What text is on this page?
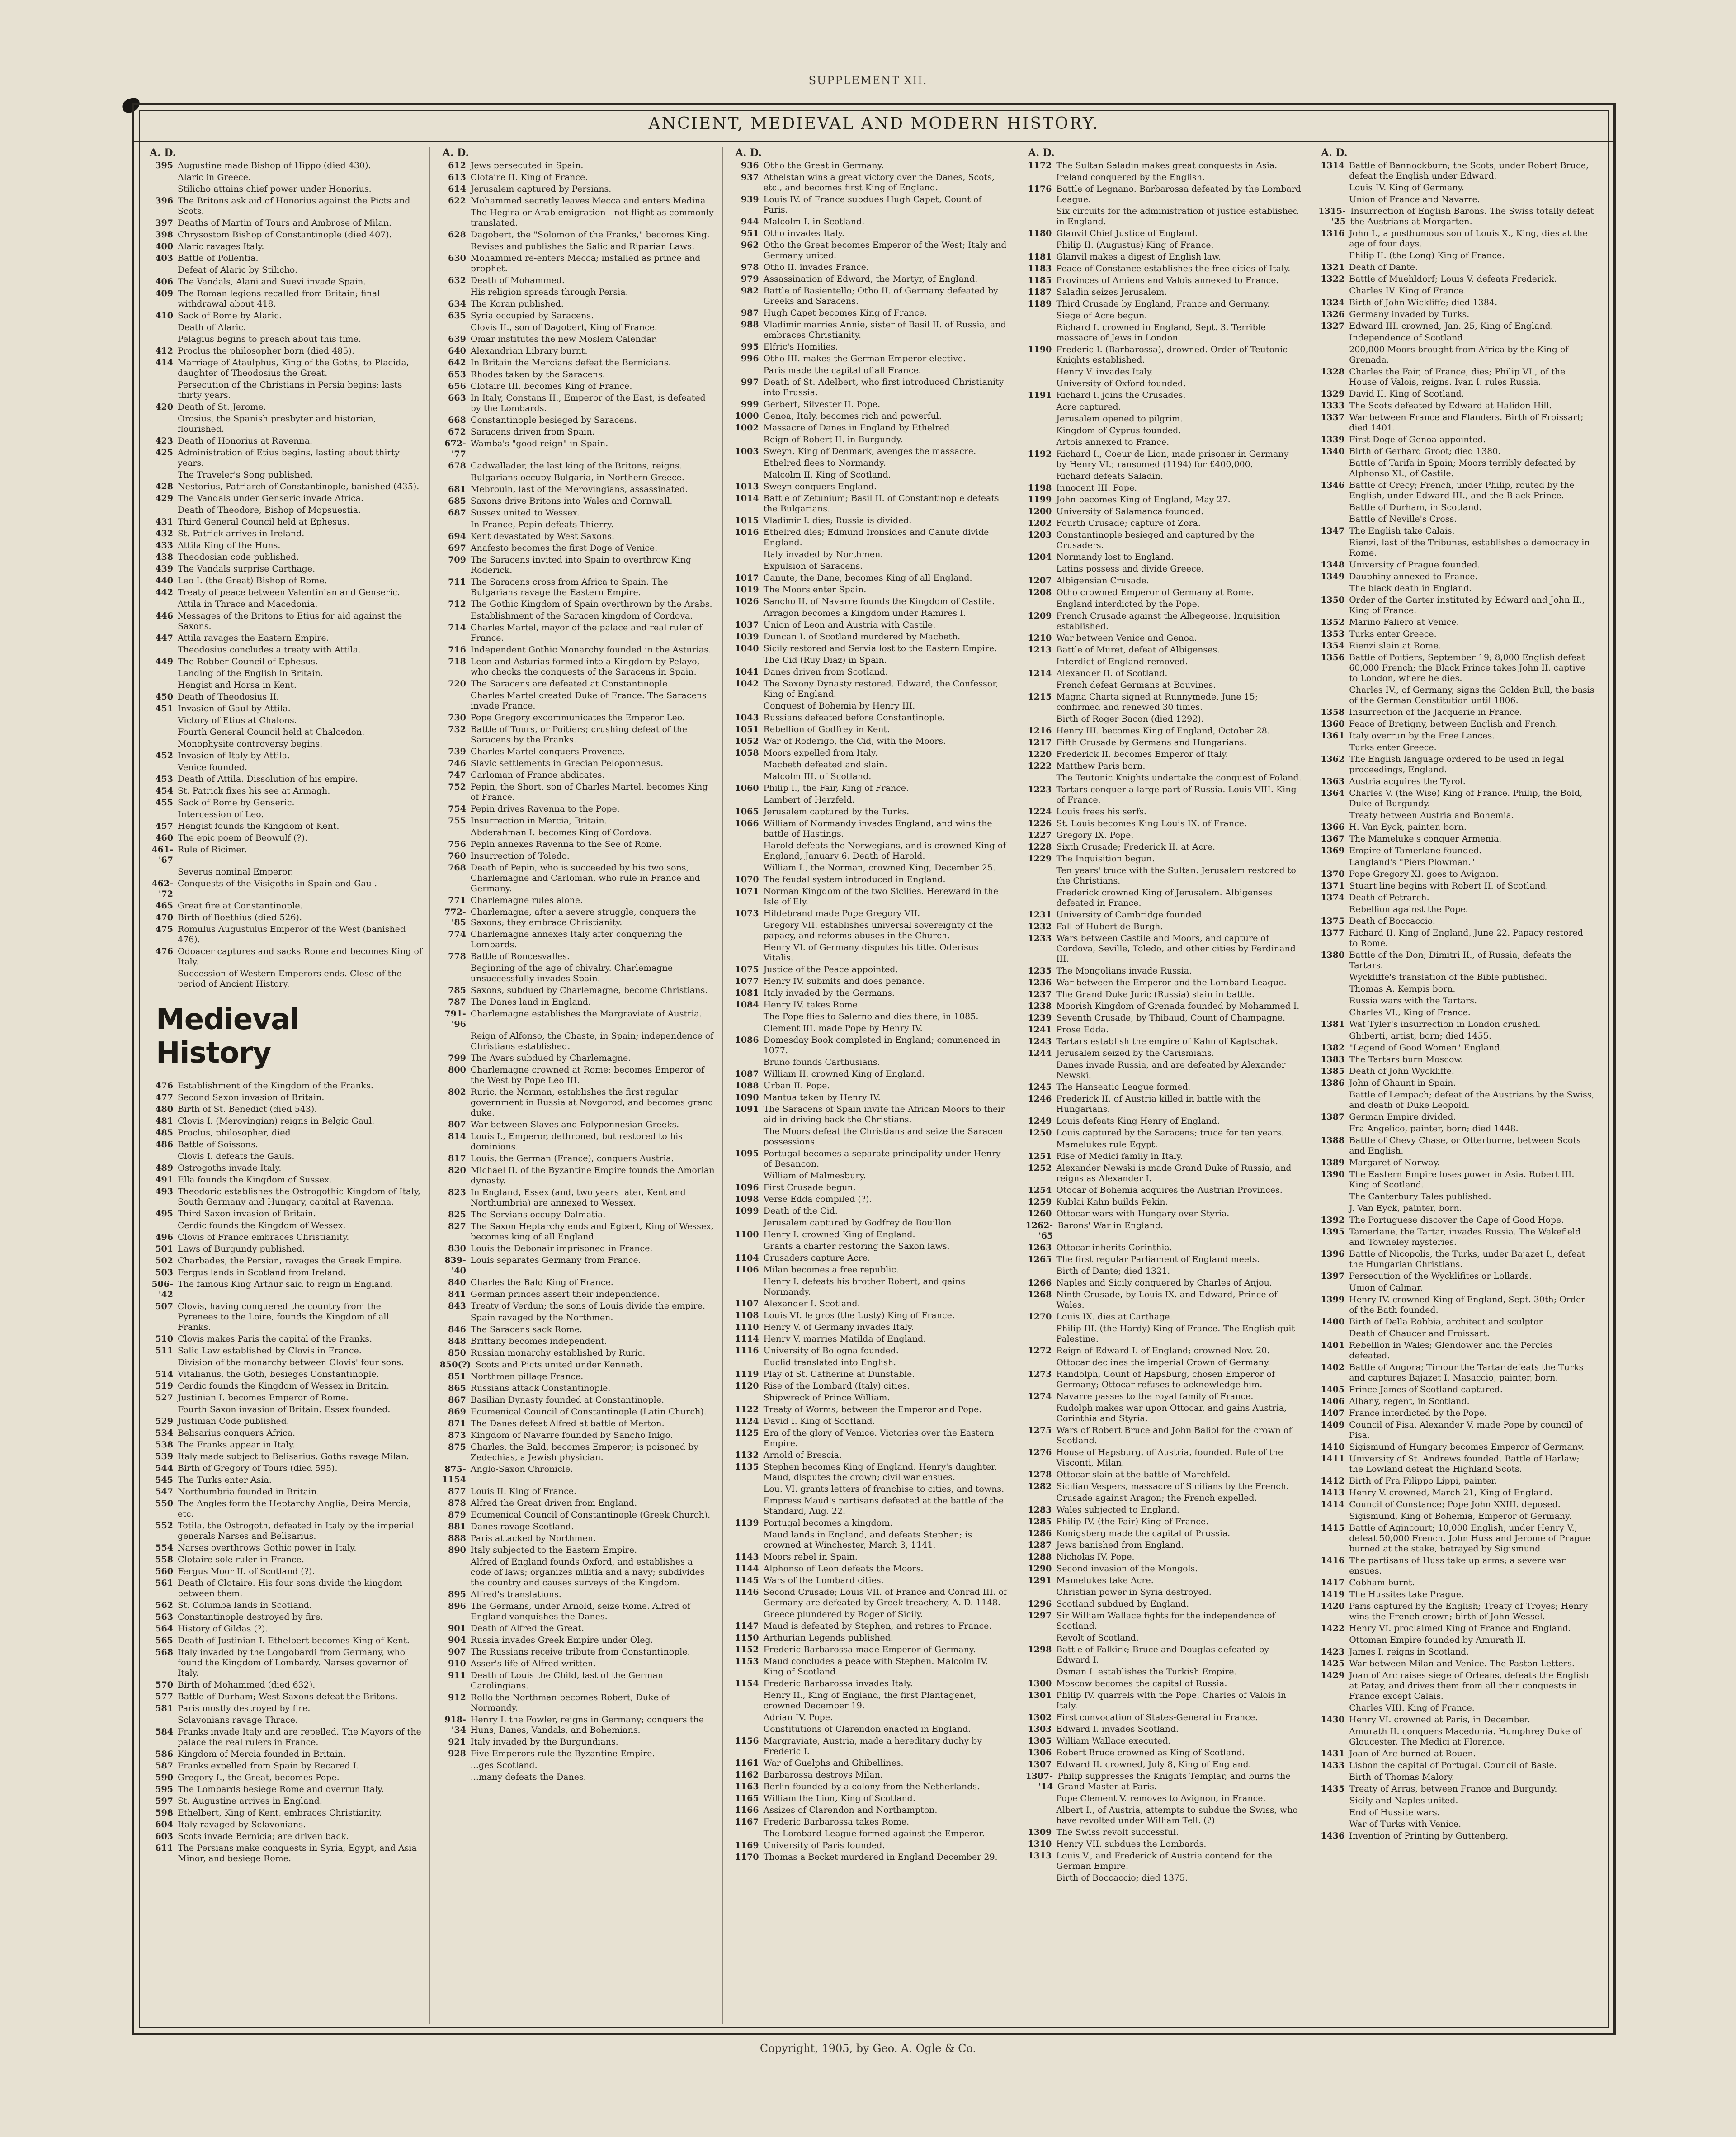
SUPPLEMENT XII.
ANCIENT, MEDIEVAL AND MODERN HISTORY.
A. D.
395 Augustine made Bishop of Hippo (died 430).
Alaric in Greece.
Stilicho attains chief power under Honorius.
396 The Britons ask aid of Honorius against the Picts and Scots.
397 Deaths of Martin of Tours and Ambrose of Milan.
398 Chrysostom Bishop of Constantinople (died 407).
400 Alaric ravages Italy.
403 Battle of Pollentia.
Defeat of Alaric by Stilicho.
406 The Vandals, Alani and Suevi invade Spain.
409 The Roman legions recalled from Britain; final withdrawal about 418.
410 Sack of Rome by Alaric.
Death of Alaric.
Pelagius begins to preach about this time.
412 Proclus the philosopher born (died 485).
414 Marriage of Ataulphus, King of the Goths, to Placida, daughter of Theodosius the Great.
Persecution of the Christians in Persia begins; lasts thirty years.
420 Death of St. Jerome.
Orosius, the Spanish presbyter and historian, flourished.
423 Death of Honorius at Ravenna.
425 Administration of Etius begins, lasting about thirty years.
The Traveler's Song published.
428 Nestorius, Patriarch of Constantinople, banished (435).
429 The Vandals under Genseric invade Africa.
Death of Theodore, Bishop of Mopsuestia.
431 Third General Council held at Ephesus.
432 St. Patrick arrives in Ireland.
433 Attila King of the Huns.
438 Theodosian code published.
439 The Vandals surprise Carthage.
440 Leo I. (the Great) Bishop of Rome.
442 Treaty of peace between Valentinian and Genseric.
Attila in Thrace and Macedonia.
446 Messages of the Britons to Etius for aid against the Saxons.
447 Attila ravages the Eastern Empire.
Theodosius concludes a treaty with Attila.
449 The Robber-Council of Ephesus.
Landing of the English in Britain.
Hengist and Horsa in Kent.
450 Death of Theodosius II.
451 Invasion of Gaul by Attila.
Victory of Etius at Chalons.
Fourth General Council held at Chalcedon.
Monophysite controversy begins.
452 Invasion of Italy by Attila.
Venice founded.
453 Death of Attila. Dissolution of his empire.
454 St. Patrick fixes his see at Armagh.
455 Sack of Rome by Genseric.
Intercession of Leo.
457 Hengist founds the Kingdom of Kent.
460 The epic poem of Beowulf (?).
461-'67
Rule of Ricimer.
Severus nominal Emperor.
462-'72
Conquests of the Visigoths in Spain and Gaul.
465 Great fire at Constantinople.
470 Birth of Boethius (died 526).
475 Romulus Augustulus Emperor of the West (banished 476).
476 Odoacer captures and sacks Rome and becomes King of Italy.
Succession of Western Emperors ends. Close of the period of Ancient History.
Medieval History
476 Establishment of the Kingdom of the Franks.
477 Second Saxon invasion of Britain.
480 Birth of St. Benedict (died 543).
481 Clovis I. (Merovingian) reigns in Belgic Gaul.
485 Proclus, philosopher, died.
486 Battle of Soissons.
Clovis I. defeats the Gauls.
489 Ostrogoths invade Italy.
491 Ella founds the Kingdom of Sussex.
493 Theodoric establishes the Ostrogothic Kingdom of Italy, South Germany and Hungary, capital at Ravenna.
495 Third Saxon invasion of Britain.
Cerdic founds the Kingdom of Wessex.
496 Clovis of France embraces Christianity.
501 Laws of Burgundy published.
502 Charbades, the Persian, ravages the Greek Empire.
503 Fergus lands in Scotland from Ireland.
506-'42
The famous King Arthur said to reign in England.
507 Clovis, having conquered the country from the Pyrenees to the Loire, founds the Kingdom of all Franks.
510 Clovis makes Paris the capital of the Franks.
511 Salic Law established by Clovis in France.
Division of the monarchy between Clovis' four sons.
514 Vitalianus, the Goth, besieges Constantinople.
519 Cerdic founds the Kingdom of Wessex in Britain.
527 Justinian I. becomes Emperor of Rome.
Fourth Saxon invasion of Britain. Essex founded.
529 Justinian Code published.
534 Belisarius conquers Africa.
538 The Franks appear in Italy.
539 Italy made subject to Belisarius. Goths ravage Milan.
544 Birth of Gregory of Tours (died 595).
545 The Turks enter Asia.
547 Northumbria founded in Britain.
550 The Angles form the Heptarchy Anglia, Deira Mercia, etc.
552 Totila, the Ostrogoth, defeated in Italy by the imperial generals Narses and Belisarius.
554 Narses overthrows Gothic power in Italy.
558 Clotaire sole ruler in France.
560 Fergus Moor II. of Scotland (?).
561 Death of Clotaire. His four sons divide the kingdom between them.
562 St. Columba lands in Scotland.
563 Constantinople destroyed by fire.
564 History of Gildas (?).
565 Death of Justinian I. Ethelbert becomes King of Kent.
568 Italy invaded by the Longobardi from Germany, who found the Kingdom of Lombardy. Narses governor of Italy.
570 Birth of Mohammed (died 632).
577 Battle of Durham; West-Saxons defeat the Britons.
581 Paris mostly destroyed by fire.
Sclavonians ravage Thrace.
584 Franks invade Italy and are repelled. The Mayors of the palace the real rulers in France.
586 Kingdom of Mercia founded in Britain.
587 Franks expelled from Spain by Recared I.
590 Gregory I., the Great, becomes Pope.
595 The Lombards besiege Rome and overrun Italy.
597 St. Augustine arrives in England.
598 Ethelbert, King of Kent, embraces Christianity.
604 Italy ravaged by Sclavonians.
603 Scots invade Bernicia; are driven back.
611 The Persians make conquests in Syria, Egypt, and Asia Minor, and besiege Rome.
A. D.
612 Jews persecuted in Spain.
613 Clotaire II. King of France.
614 Jerusalem captured by Persians.
622 Mohammed secretly leaves Mecca and enters Medina.
The Hegira or Arab emigration—not flight as commonly translated.
628 Dagobert, the "Solomon of the Franks," becomes King.
Revises and publishes the Salic and Riparian Laws.
630 Mohammed re-enters Mecca; installed as prince and prophet.
632 Death of Mohammed.
His religion spreads through Persia.
634 The Koran published.
635 Syria occupied by Saracens.
Clovis II., son of Dagobert, King of France.
639 Omar institutes the new Moslem Calendar.
640 Alexandrian Library burnt.
642 In Britain the Mercians defeat the Bernicians.
653 Rhodes taken by the Saracens.
656 Clotaire III. becomes King of France.
663 In Italy, Constans II., Emperor of the East, is defeated by the Lombards.
668 Constantinople besieged by Saracens.
672 Saracens driven from Spain.
672-'77
Wamba's "good reign" in Spain.
678 Cadwallader, the last king of the Britons, reigns.
Bulgarians occupy Bulgaria, in Northern Greece.
681 Mebrouin, last of the Merovingians, assassinated.
685 Saxons drive Britons into Wales and Cornwall.
687 Sussex united to Wessex.
In France, Pepin defeats Thierry.
694 Kent devastated by West Saxons.
697 Anafesto becomes the first Doge of Venice.
709 The Saracens invited into Spain to overthrow King Roderick.
711 The Saracens cross from Africa to Spain. The Bulgarians ravage the Eastern Empire.
712 The Gothic Kingdom of Spain overthrown by the Arabs.
Establishment of the Saracen kingdom of Cordova.
714 Charles Martel, mayor of the palace and real ruler of France.
716 Independent Gothic Monarchy founded in the Asturias.
718 Leon and Asturias formed into a Kingdom by Pelayo, who checks the conquests of the Saracens in Spain.
720 The Saracens are defeated at Constantinople.
Charles Martel created Duke of France. The Saracens invade France.
730 Pope Gregory excommunicates the Emperor Leo.
732 Battle of Tours, or Poitiers; crushing defeat of the Saracens by the Franks.
739 Charles Martel conquers Provence.
746 Slavic settlements in Grecian Peloponnesus.
747 Carloman of France abdicates.
752 Pepin, the Short, son of Charles Martel, becomes King of France.
754 Pepin drives Ravenna to the Pope.
755 Insurrection in Mercia, Britain.
Abderahman I. becomes King of Cordova.
756 Pepin annexes Ravenna to the See of Rome.
760 Insurrection of Toledo.
768 Death of Pepin, who is succeeded by his two sons, Charlemagne and Carloman, who rule in France and Germany.
771 Charlemagne rules alone.
772-'85
Charlemagne, after a severe struggle, conquers the Saxons; they embrace Christianity.
774 Charlemagne annexes Italy after conquering the Lombards.
778 Battle of Roncesvalles.
Beginning of the age of chivalry. Charlemagne unsuccessfully invades Spain.
785 Saxons, subdued by Charlemagne, become Christians.
787 The Danes land in England.
791-'96
Charlemagne establishes the Margraviate of Austria.
Reign of Alfonso, the Chaste, in Spain; independence of Christians established.
799 The Avars subdued by Charlemagne.
800 Charlemagne crowned at Rome; becomes Emperor of the West by Pope Leo III.
802 Ruric, the Norman, establishes the first regular government in Russia at Novgorod, and becomes grand duke.
807 War between Slaves and Polyponnesian Greeks.
814 Louis I., Emperor, dethroned, but restored to his dominions.
817 Louis, the German (France), conquers Austria.
820 Michael II. of the Byzantine Empire founds the Amorian dynasty.
823 In England, Essex (and, two years later, Kent and Northumbria) are annexed to Wessex.
825 The Servians occupy Dalmatia.
827 The Saxon Heptarchy ends and Egbert, King of Wessex, becomes king of all England.
830 Louis the Debonair imprisoned in France.
839-'40
Louis separates Germany from France.
840 Charles the Bald King of France.
841 German princes assert their independence.
843 Treaty of Verdun; the sons of Louis divide the empire.
Spain ravaged by the Northmen.
846 The Saracens sack Rome.
848 Brittany becomes independent.
850 Russian monarchy established by Ruric.
850(?) Scots and Picts united under Kenneth.
851 Northmen pillage France.
865 Russians attack Constantinople.
867 Basilian Dynasty founded at Constantinople.
869 Ecumenical Council of Constantinople (Latin Church).
871 The Danes defeat Alfred at battle of Merton.
873 Kingdom of Navarre founded by Sancho Inigo.
875 Charles, the Bald, becomes Emperor; is poisoned by Zedechias, a Jewish physician.
875-1154
Anglo-Saxon Chronicle.
877 Louis II. King of France.
878 Alfred the Great driven from England.
879 Ecumenical Council of Constantinople (Greek Church).
881 Danes ravage Scotland.
888 Paris attacked by Northmen.
890 Italy subjected to the Eastern Empire.
Alfred of England founds Oxford, and establishes a code of laws; organizes militia and a navy; subdivides the country and causes surveys of the Kingdom.
895 Alfred's translations.
896 The Germans, under Arnold, seize Rome. Alfred of England vanquishes the Danes.
901 Death of Alfred the Great.
904 Russia invades Greek Empire under Oleg.
907 The Russians receive tribute from Constantinople.
910 Asser's life of Alfred written.
911 Death of Louis the Child, last of the German Carolingians.
912 Rollo the Northman becomes Robert, Duke of Normandy.
918-'34
Henry I. the Fowler, reigns in Germany; conquers the Huns, Danes, Vandals, and Bohemians.
921 Italy invaded by the Burgundians.
928 Five Emperors rule the Byzantine Empire.
...ges Scotland.
...many defeats the Danes.
A. D.
936 Otho the Great in Germany.
937 Athelstan wins a great victory over the Danes, Scots, etc., and becomes first King of England.
939 Louis IV. of France subdues Hugh Capet, Count of Paris.
944 Malcolm I. in Scotland.
951 Otho invades Italy.
962 Otho the Great becomes Emperor of the West; Italy and Germany united.
978 Otho II. invades France.
979 Assassination of Edward, the Martyr, of England.
982 Battle of Basientello; Otho II. of Germany defeated by Greeks and Saracens.
987 Hugh Capet becomes King of France.
988 Vladimir marries Annie, sister of Basil II. of Russia, and embraces Christianity.
995 Elfric's Homilies.
996 Otho III. makes the German Emperor elective.
Paris made the capital of all France.
997 Death of St. Adelbert, who first introduced Christianity into Prussia.
999 Gerbert, Silvester II. Pope.
1000 Genoa, Italy, becomes rich and powerful.
1002 Massacre of Danes in England by Ethelred.
Reign of Robert II. in Burgundy.
1003 Sweyn, King of Denmark, avenges the massacre.
Ethelred flees to Normandy.
Malcolm II. King of Scotland.
1013 Sweyn conquers England.
1014 Battle of Zetunium; Basil II. of Constantinople defeats the Bulgarians.
1015 Vladimir I. dies; Russia is divided.
1016 Ethelred dies; Edmund Ironsides and Canute divide England.
Italy invaded by Northmen.
Expulsion of Saracens.
1017 Canute, the Dane, becomes King of all England.
1019 The Moors enter Spain.
1026 Sancho II. of Navarre founds the Kingdom of Castile.
Arragon becomes a Kingdom under Ramires I.
1037 Union of Leon and Austria with Castile.
1039 Duncan I. of Scotland murdered by Macbeth.
1040 Sicily restored and Servia lost to the Eastern Empire.
The Cid (Ruy Diaz) in Spain.
1041 Danes driven from Scotland.
1042 The Saxony Dynasty restored. Edward, the Confessor, King of England.
Conquest of Bohemia by Henry III.
1043 Russians defeated before Constantinople.
1051 Rebellion of Godfrey in Kent.
1052 War of Roderigo, the Cid, with the Moors.
1058 Moors expelled from Italy.
Macbeth defeated and slain.
Malcolm III. of Scotland.
1060 Philip I., the Fair, King of France.
Lambert of Herzfeld.
1065 Jerusalem captured by the Turks.
1066 William of Normandy invades England, and wins the battle of Hastings.
Harold defeats the Norwegians, and is crowned King of England, January 6. Death of Harold.
William I., the Norman, crowned King, December 25.
1070 The feudal system introduced in England.
1071 Norman Kingdom of the two Sicilies. Hereward in the Isle of Ely.
1073 Hildebrand made Pope Gregory VII.
Gregory VII. establishes universal sovereignty of the papacy, and reforms abuses in the Church.
Henry VI. of Germany disputes his title. Oderisus Vitalis.
1075 Justice of the Peace appointed.
1077 Henry IV. submits and does penance.
1081 Italy invaded by the Germans.
1084 Henry IV. takes Rome.
The Pope flies to Salerno and dies there, in 1085.
Clement III. made Pope by Henry IV.
1086 Domesday Book completed in England; commenced in 1077.
Bruno founds Carthusians.
1087 William II. crowned King of England.
1088 Urban II. Pope.
1090 Mantua taken by Henry IV.
1091 The Saracens of Spain invite the African Moors to their aid in driving back the Christians.
The Moors defeat the Christians and seize the Saracen possessions.
1095 Portugal becomes a separate principality under Henry of Besancon.
William of Malmesbury.
1096 First Crusade begun.
1098 Verse Edda compiled (?).
1099 Death of the Cid.
Jerusalem captured by Godfrey de Bouillon.
1100 Henry I. crowned King of England.
Grants a charter restoring the Saxon laws.
1104 Crusaders capture Acre.
1106 Milan becomes a free republic.
Henry I. defeats his brother Robert, and gains Normandy.
1107 Alexander I. Scotland.
1108 Louis VI. le gros (the Lusty) King of France.
1110 Henry V. of Germany invades Italy.
1114 Henry V. marries Matilda of England.
1116 University of Bologna founded.
Euclid translated into English.
1119 Play of St. Catherine at Dunstable.
1120 Rise of the Lombard (Italy) cities.
Shipwreck of Prince William.
1122 Treaty of Worms, between the Emperor and Pope.
1124 David I. King of Scotland.
1125 Era of the glory of Venice. Victories over the Eastern Empire.
1132 Arnold of Brescia.
1135 Stephen becomes King of England. Henry's daughter, Maud, disputes the crown; civil war ensues.
Lou. VI. grants letters of franchise to cities, and towns.
Empress Maud's partisans defeated at the battle of the Standard, Aug. 22.
1139 Portugal becomes a kingdom.
Maud lands in England, and defeats Stephen; is crowned at Winchester, March 3, 1141.
1143 Moors rebel in Spain.
1144 Alphonso of Leon defeats the Moors.
1145 Wars of the Lombard cities.
1146 Second Crusade; Louis VII. of France and Conrad III. of Germany are defeated by Greek treachery, A. D. 1148.
Greece plundered by Roger of Sicily.
1147 Maud is defeated by Stephen, and retires to France.
1150 Arthurian Legends published.
1152 Frederic Barbarossa made Emperor of Germany.
1153 Maud concludes a peace with Stephen. Malcolm IV. King of Scotland.
1154 Frederic Barbarossa invades Italy.
Henry II., King of England, the first Plantagenet, crowned December 19.
Adrian IV. Pope.
Constitutions of Clarendon enacted in England.
1156 Margraviate, Austria, made a hereditary duchy by Frederic I.
1161 War of Guelphs and Ghibellines.
1162 Barbarossa destroys Milan.
1163 Berlin founded by a colony from the Netherlands.
1165 William the Lion, King of Scotland.
1166 Assizes of Clarendon and Northampton.
1167 Frederic Barbarossa takes Rome.
The Lombard League formed against the Emperor.
1169 University of Paris founded.
1170 Thomas a Becket murdered in England December 29.
A. D.
1172 The Sultan Saladin makes great conquests in Asia.
Ireland conquered by the English.
1176 Battle of Legnano. Barbarossa defeated by the Lombard League.
Six circuits for the administration of justice established in England.
1180 Glanvil Chief Justice of England.
Philip II. (Augustus) King of France.
1181 Glanvil makes a digest of English law.
1183 Peace of Constance establishes the free cities of Italy.
1185 Provinces of Amiens and Valois annexed to France.
1187 Saladin seizes Jerusalem.
1189 Third Crusade by England, France and Germany.
Siege of Acre begun.
Richard I. crowned in England, Sept. 3. Terrible massacre of Jews in London.
1190 Frederic I. (Barbarossa), drowned. Order of Teutonic Knights established.
Henry V. invades Italy.
University of Oxford founded.
1191 Richard I. joins the Crusades.
Acre captured.
Jerusalem opened to pilgrim.
Kingdom of Cyprus founded.
Artois annexed to France.
1192 Richard I., Coeur de Lion, made prisoner in Germany by Henry VI.; ransomed (1194) for £400,000.
Richard defeats Saladin.
1198 Innocent III. Pope.
1199 John becomes King of England, May 27.
1200 University of Salamanca founded.
1202 Fourth Crusade; capture of Zora.
1203 Constantinople besieged and captured by the Crusaders.
1204 Normandy lost to England.
Latins possess and divide Greece.
1207 Albigensian Crusade.
1208 Otho crowned Emperor of Germany at Rome.
England interdicted by the Pope.
1209 French Crusade against the Albegeoise. Inquisition established.
1210 War between Venice and Genoa.
1213 Battle of Muret, defeat of Albigenses.
Interdict of England removed.
1214 Alexander II. of Scotland.
French defeat Germans at Bouvines.
1215 Magna Charta signed at Runnymede, June 15; confirmed and renewed 30 times.
Birth of Roger Bacon (died 1292).
1216 Henry III. becomes King of England, October 28.
1217 Fifth Crusade by Germans and Hungarians.
1220 Frederick II. becomes Emperor of Italy.
1222 Matthew Paris born.
The Teutonic Knights undertake the conquest of Poland.
1223 Tartars conquer a large part of Russia. Louis VIII. King of France.
1224 Louis frees his serfs.
1226 St. Louis becomes King Louis IX. of France.
1227 Gregory IX. Pope.
1228 Sixth Crusade; Frederick II. at Acre.
1229 The Inquisition begun.
Ten years' truce with the Sultan. Jerusalem restored to the Christians.
Frederick crowned King of Jerusalem. Albigenses defeated in France.
1231 University of Cambridge founded.
1232 Fall of Hubert de Burgh.
1233 Wars between Castile and Moors, and capture of Cordova, Seville, Toledo, and other cities by Ferdinand III.
1235 The Mongolians invade Russia.
1236 War between the Emperor and the Lombard League.
1237 The Grand Duke Juric (Russia) slain in battle.
1238 Moorish Kingdom of Grenada founded by Mohammed I.
1239 Seventh Crusade, by Thibaud, Count of Champagne.
1241 Prose Edda.
1243 Tartars establish the empire of Kahn of Kaptschak.
1244 Jerusalem seized by the Carismians.
Danes invade Russia, and are defeated by Alexander Newski.
1245 The Hanseatic League formed.
1246 Frederick II. of Austria killed in battle with the Hungarians.
1249 Louis defeats King Henry of England.
1250 Louis captured by the Saracens; truce for ten years.
Mamelukes rule Egypt.
1251 Rise of Medici family in Italy.
1252 Alexander Newski is made Grand Duke of Russia, and reigns as Alexander I.
1254 Otocar of Bohemia acquires the Austrian Provinces.
1259 Kublai Kahn builds Pekin.
1260 Ottocar wars with Hungary over Styria.
1262-'65
Barons' War in England.
1263 Ottocar inherits Corinthia.
1265 The first regular Parliament of England meets.
Birth of Dante; died 1321.
1266 Naples and Sicily conquered by Charles of Anjou.
1268 Ninth Crusade, by Louis IX. and Edward, Prince of Wales.
1270 Louis IX. dies at Carthage.
Philip III. (the Hardy) King of France. The English quit Palestine.
1272 Reign of Edward I. of England; crowned Nov. 20.
Ottocar declines the imperial Crown of Germany.
1273 Randolph, Count of Hapsburg, chosen Emperor of Germany; Ottocar refuses to acknowledge him.
1274 Navarre passes to the royal family of France.
Rudolph makes war upon Ottocar, and gains Austria, Corinthia and Styria.
1275 Wars of Robert Bruce and John Baliol for the crown of Scotland.
1276 House of Hapsburg, of Austria, founded. Rule of the Visconti, Milan.
1278 Ottocar slain at the battle of Marchfeld.
1282 Sicilian Vespers, massacre of Sicilians by the French.
Crusade against Aragon; the French expelled.
1283 Wales subjected to England.
1285 Philip IV. (the Fair) King of France.
1286 Konigsberg made the capital of Prussia.
1287 Jews banished from England.
1288 Nicholas IV. Pope.
1290 Second invasion of the Mongols.
1291 Mamelukes take Acre.
Christian power in Syria destroyed.
1296 Scotland subdued by England.
1297 Sir William Wallace fights for the independence of Scotland.
Revolt of Scotland.
1298 Battle of Falkirk; Bruce and Douglas defeated by Edward I.
Osman I. establishes the Turkish Empire.
1300 Moscow becomes the capital of Russia.
1301 Philip IV. quarrels with the Pope. Charles of Valois in Italy.
1302 First convocation of States-General in France.
1303 Edward I. invades Scotland.
1305 William Wallace executed.
1306 Robert Bruce crowned as King of Scotland.
1307 Edward II. crowned, July 8, King of England.
1307-'14
Philip suppresses the Knights Templar, and burns the Grand Master at Paris.
Pope Clement V. removes to Avignon, in France.
Albert I., of Austria, attempts to subdue the Swiss, who have revolted under William Tell. (?)
1309 The Swiss revolt successful.
1310 Henry VII. subdues the Lombards.
1313 Louis V., and Frederick of Austria contend for the German Empire.
Birth of Boccaccio; died 1375.
A. D.
1314 Battle of Bannockburn; the Scots, under Robert Bruce, defeat the English under Edward.
Louis IV. King of Germany.
Union of France and Navarre.
1315-'25
Insurrection of English Barons. The Swiss totally defeat the Austrians at Morgarten.
1316 John I., a posthumous son of Louis X., King, dies at the age of four days.
Philip II. (the Long) King of France.
1321 Death of Dante.
1322 Battle of Muehldorf; Louis V. defeats Frederick.
Charles IV. King of France.
1324 Birth of John Wickliffe; died 1384.
1326 Germany invaded by Turks.
1327 Edward III. crowned, Jan. 25, King of England.
Independence of Scotland.
200,000 Moors brought from Africa by the King of Grenada.
1328 Charles the Fair, of France, dies; Philip VI., of the House of Valois, reigns. Ivan I. rules Russia.
1329 David II. King of Scotland.
1333 The Scots defeated by Edward at Halidon Hill.
1337 War between France and Flanders. Birth of Froissart; died 1401.
1339 First Doge of Genoa appointed.
1340 Birth of Gerhard Groot; died 1380.
Battle of Tarifa in Spain; Moors terribly defeated by Alphonso XI., of Castile.
1346 Battle of Crecy; French, under Philip, routed by the English, under Edward III., and the Black Prince.
Battle of Durham, in Scotland.
Battle of Neville's Cross.
1347 The English take Calais.
Rienzi, last of the Tribunes, establishes a democracy in Rome.
1348 University of Prague founded.
1349 Dauphiny annexed to France.
The black death in England.
1350 Order of the Garter instituted by Edward and John II., King of France.
1352 Marino Faliero at Venice.
1353 Turks enter Greece.
1354 Rienzi slain at Rome.
1356 Battle of Poitiers, September 19; 8,000 English defeat 60,000 French; the Black Prince takes John II. captive to London, where he dies.
Charles IV., of Germany, signs the Golden Bull, the basis of the German Constitution until 1806.
1358 Insurrection of the Jacquerie in France.
1360 Peace of Bretigny, between English and French.
1361 Italy overrun by the Free Lances.
Turks enter Greece.
1362 The English language ordered to be used in legal proceedings, England.
1363 Austria acquires the Tyrol.
1364 Charles V. (the Wise) King of France. Philip, the Bold, Duke of Burgundy.
Treaty between Austria and Bohemia.
1366 H. Van Eyck, painter, born.
1367 The Mameluke's conquer Armenia.
1369 Empire of Tamerlane founded.
Langland's "Piers Plowman."
1370 Pope Gregory XI. goes to Avignon.
1371 Stuart line begins with Robert II. of Scotland.
1374 Death of Petrarch.
Rebellion against the Pope.
1375 Death of Boccaccio.
1377 Richard II. King of England, June 22. Papacy restored to Rome.
1380 Battle of the Don; Dimitri II., of Russia, defeats the Tartars.
Wyckliffe's translation of the Bible published.
Thomas A. Kempis born.
Russia wars with the Tartars.
Charles VI., King of France.
1381 Wat Tyler's insurrection in London crushed.
Ghiberti, artist, born; died 1455.
1382 "Legend of Good Women" England.
1383 The Tartars burn Moscow.
1385 Death of John Wyckliffe.
1386 John of Ghaunt in Spain.
Battle of Lempach; defeat of the Austrians by the Swiss, and death of Duke Leopold.
1387 German Empire divided.
Fra Angelico, painter, born; died 1448.
1388 Battle of Chevy Chase, or Otterburne, between Scots and English.
1389 Margaret of Norway.
1390 The Eastern Empire loses power in Asia. Robert III. King of Scotland.
The Canterbury Tales published.
J. Van Eyck, painter, born.
1392 The Portuguese discover the Cape of Good Hope.
1395 Tamerlane, the Tartar, invades Russia. The Wakefield and Towneley mysteries.
1396 Battle of Nicopolis, the Turks, under Bajazet I., defeat the Hungarian Christians.
1397 Persecution of the Wycklifites or Lollards.
Union of Calmar.
1399 Henry IV. crowned King of England, Sept. 30th; Order of the Bath founded.
1400 Birth of Della Robbia, architect and sculptor.
Death of Chaucer and Froissart.
1401 Rebellion in Wales; Glendower and the Percies defeated.
1402 Battle of Angora; Timour the Tartar defeats the Turks and captures Bajazet I. Masaccio, painter, born.
1405 Prince James of Scotland captured.
1406 Albany, regent, in Scotland.
1407 France interdicted by the Pope.
1409 Council of Pisa. Alexander V. made Pope by council of Pisa.
1410 Sigismund of Hungary becomes Emperor of Germany.
1411 University of St. Andrews founded. Battle of Harlaw; the Lowland defeat the Highland Scots.
1412 Birth of Fra Filippo Lippi, painter.
1413 Henry V. crowned, March 21, King of England.
1414 Council of Constance; Pope John XXIII. deposed.
Sigismund, King of Bohemia, Emperor of Germany.
1415 Battle of Agincourt; 10,000 English, under Henry V., defeat 50,000 French. John Huss and Jerome of Prague burned at the stake, betrayed by Sigismund.
1416 The partisans of Huss take up arms; a severe war ensues.
1417 Cobham burnt.
1419 The Hussites take Prague.
1420 Paris captured by the English; Treaty of Troyes; Henry wins the French crown; birth of John Wessel.
1422 Henry VI. proclaimed King of France and England.
Ottoman Empire founded by Amurath II.
1423 James I. reigns in Scotland.
1425 War between Milan and Venice. The Paston Letters.
1429 Joan of Arc raises siege of Orleans, defeats the English at Patay, and drives them from all their conquests in France except Calais.
Charles VIII. King of France.
1430 Henry VI. crowned at Paris, in December.
Amurath II. conquers Macedonia. Humphrey Duke of Gloucester. The Medici at Florence.
1431 Joan of Arc burned at Rouen.
1433 Lisbon the capital of Portugal. Council of Basle.
Birth of Thomas Malory.
1435 Treaty of Arras, between France and Burgundy.
Sicily and Naples united.
End of Hussite wars.
War of Turks with Venice.
1436 Invention of Printing by Guttenberg.
Copyright, 1905, by Geo. A. Ogle & Co.
